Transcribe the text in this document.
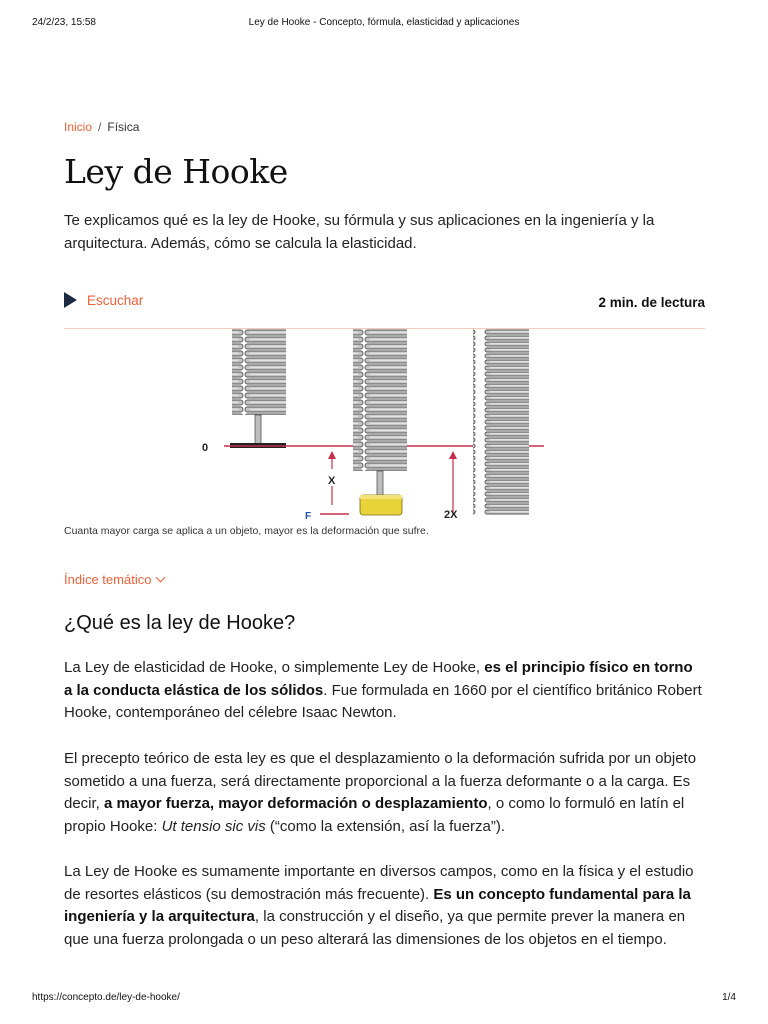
24/2/23, 15:58	Ley de Hooke - Concepto, fórmula, elasticidad y aplicaciones
Inicio / Física
Ley de Hooke

Te explicamos qué es la ley de Hooke, su fórmula y sus aplicaciones en la ingeniería y la arquitectura. Además, cómo se calcula la elasticidad.

Escuchar	2 min. de lectura
0
X
F	2X
Cuanta mayor carga se aplica a un objeto, mayor es la deformación que sufre.
Índice temático
¿Qué es la ley de Hooke?

La Ley de elasticidad de Hooke, o simplemente Ley de Hooke, es el principio físico en torno a la conducta elástica de los sólidos. Fue formulada en 1660 por el científico británico Robert Hooke, contemporáneo del célebre Isaac Newton.

El precepto teórico de esta ley es que el desplazamiento o la deformación sufrida por un objeto sometido a una fuerza, será directamente proporcional a la fuerza deformante o a la carga. Es decir, a mayor fuerza, mayor deformación o desplazamiento, o como lo formuló en latín el propio Hooke: Ut tensio sic vis (“como la extensión, así la fuerza”).

La Ley de Hooke es sumamente importante en diversos campos, como en la física y el estudio de resortes elásticos (su demostración más frecuente). Es un concepto fundamental para la ingeniería y la arquitectura, la construcción y el diseño, ya que permite prever la manera en que una fuerza prolongada o un peso alterará las dimensiones de los objetos en el tiempo.

https://concepto.de/ley-de-hooke/	1/4
